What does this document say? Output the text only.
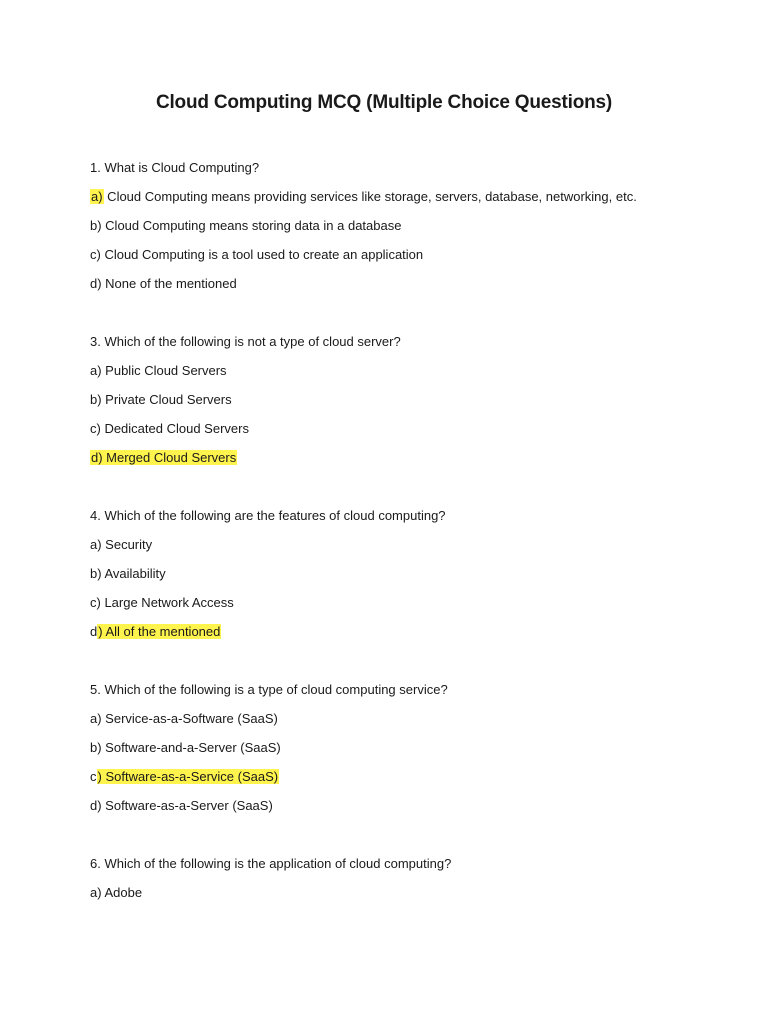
Cloud Computing MCQ (Multiple Choice Questions)
1. What is Cloud Computing?
a) Cloud Computing means providing services like storage, servers, database, networking, etc.
b) Cloud Computing means storing data in a database
c) Cloud Computing is a tool used to create an application
d) None of the mentioned
3. Which of the following is not a type of cloud server?
a) Public Cloud Servers
b) Private Cloud Servers
c) Dedicated Cloud Servers
d) Merged Cloud Servers
4. Which of the following are the features of cloud computing?
a) Security
b) Availability
c) Large Network Access
d) All of the mentioned
5. Which of the following is a type of cloud computing service?
a) Service-as-a-Software (SaaS)
b) Software-and-a-Server (SaaS)
c) Software-as-a-Service (SaaS)
d) Software-as-a-Server (SaaS)
6. Which of the following is the application of cloud computing?
a) Adobe
